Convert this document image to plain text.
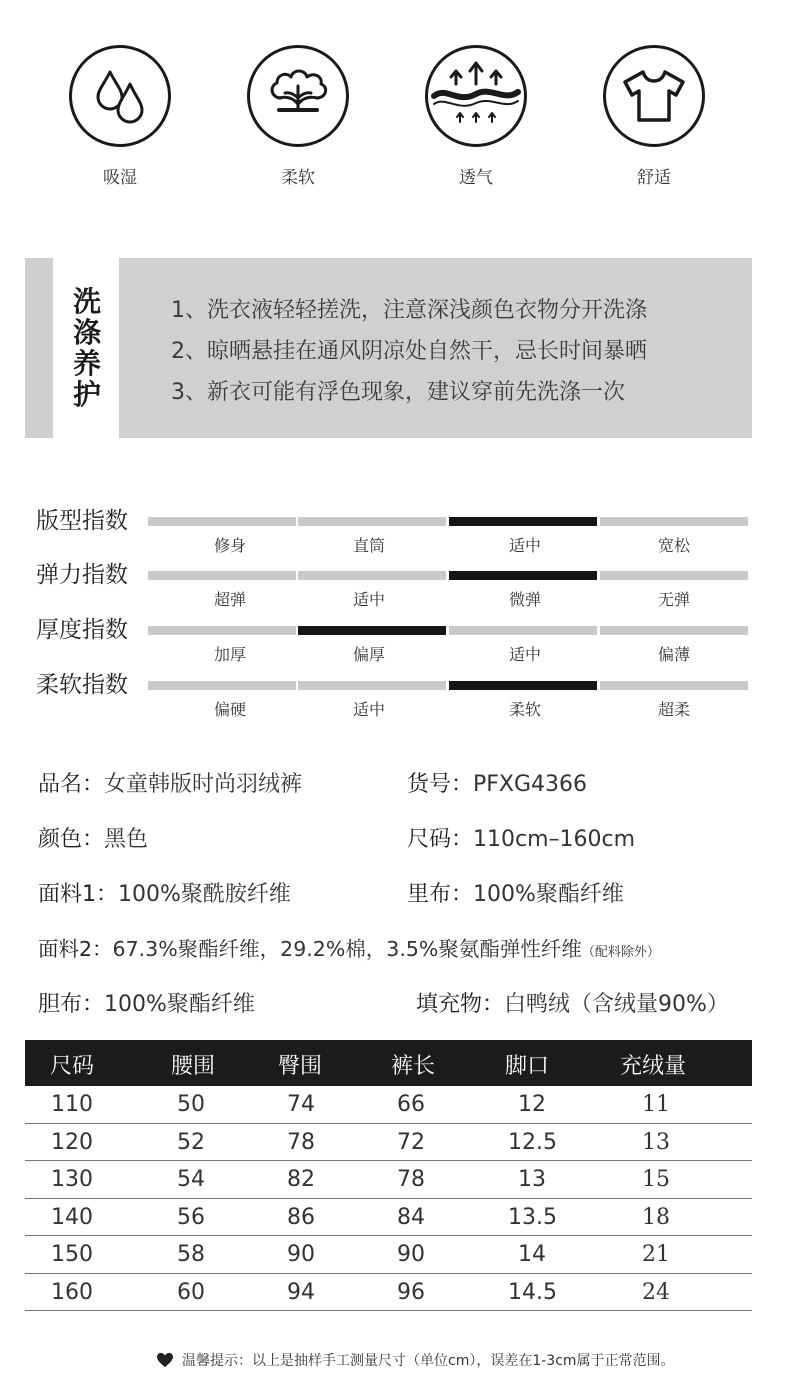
吸湿	柔软	透气	舒适
洗涤养护

1、洗衣液轻轻搓洗，注意深浅颜色衣物分开洗涤

2、晾晒悬挂在通风阴凉处自然干，忌长时间暴晒

3、新衣可能有浮色现象，建议穿前先洗涤一次

版型指数
修身	直筒	适中	宽松
弹力指数
超弹	适中	微弹	无弹
厚度指数
加厚	偏厚	适中	偏薄
柔软指数
偏硬	适中	柔软	超柔
品名：女童韩版时尚羽绒裤	货号：PFXG4366
颜色：黑色	尺码：110cm–160cm
面料1：100%聚酰胺纤维	里布：100%聚酯纤维
面料2：67.3%聚酯纤维，29.2%棉，3.5%聚氨酯弹性纤维（配料除外）
胆布：100%聚酯纤维	填充物：白鸭绒（含绒量90%）
尺码	腰围	臀围	裤长	脚口	充绒量
110	50	74	66	12	11
120	52	78	72	12.5	13
130	54	82	78	13	15
140	56	86	84	13.5	18
150	58	90	90	14	21
160	60	94	96	14.5	24
温馨提示：以上是抽样手工测量尺寸（单位cm），误差在1-3cm属于正常范围。
